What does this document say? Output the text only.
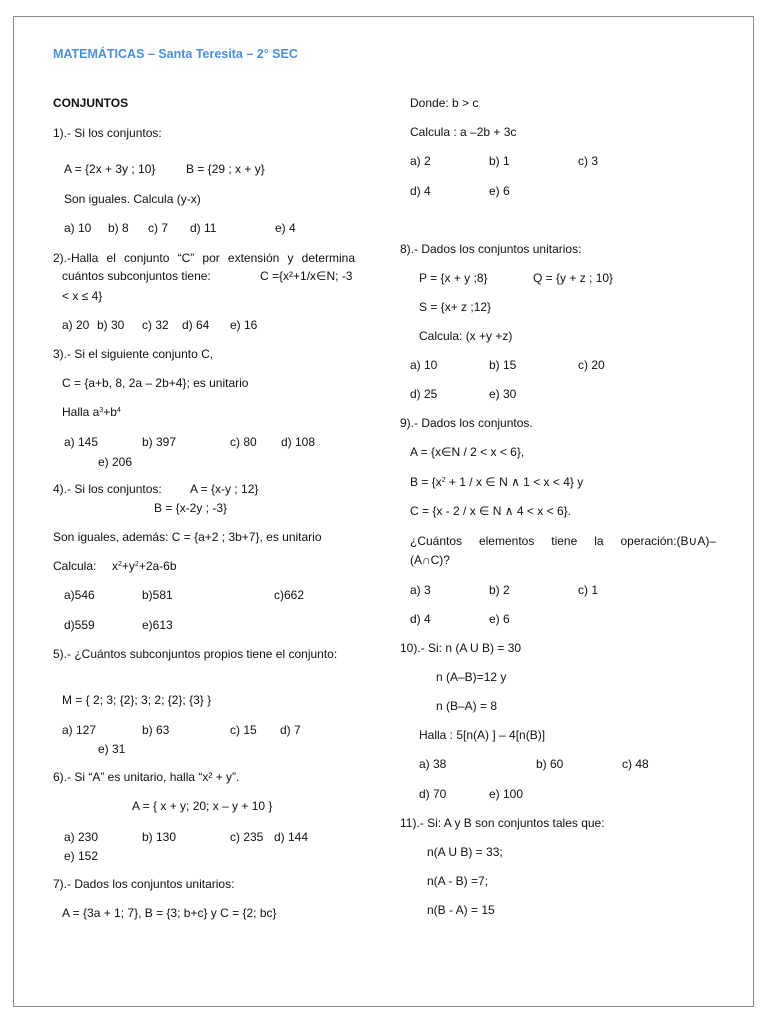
MATEMÁTICAS – Santa Teresita – 2° SEC
CONJUNTOS
1).- Si los conjuntos:
A = {2x + 3y ; 10}	B = {29 ; x + y}
Son iguales. Calcula (y-x)
a) 10 b) 8 c) 7 d) 11	e) 4
2).-Halla el conjunto “C” por extensión y determina
cuántos subconjuntos tiene:	C ={x²+1/x∈N; -3
< x ≤ 4}
a) 20 b) 30 c) 32 d) 64 e) 16
3).- Si el siguiente conjunto C,
C = {a+b, 8, 2a – 2b+4}; es unitario
Halla $a^3+b^4$
a) 145	b) 397	c) 80 d) 108
e) 206
4).- Si los conjuntos: A = {x-y ; 12}
B = {x-2y ; -3}
Son iguales, además: C = {a+2 ; 3b+7}, es unitario
Calcula: $x^2+y^2+2a-6b$
a)546	b)581	c)662
d)559	e)613
5).- ¿Cuántos subconjuntos propios tiene el conjunto:
M = { 2; 3; {2}; 3; 2; {2}; {3} }
a) 127	b) 63	c) 15 d) 7
e) 31
6).- Si “A” es unitario, halla “x² + y”.
A = { x + y; 20; x – y + 10 }
a) 230	b) 130	c) 235 d) 144
e) 152
7).- Dados los conjuntos unitarios:
A = {3a + 1; 7}, B = {3; b+c} y C = {2; bc}
Donde: b > c
Calcula : a –2b + 3c
a) 2	b) 1	c) 3
d) 4	e) 6
8).- Dados los conjuntos unitarios:
P = {x + y ;8}	Q = {y + z ; 10}
S = {x+ z ;12}
Calcula: (x +y +z)
a) 10	b) 15	c) 20
d) 25	e) 30
9).- Dados los conjuntos.
A = {x∈N / 2 < x < 6},
$B = \{x^2 + 1 / x$ ∈ N ∧ 1 < x < 4} y
C = {x - 2 / x ∈ N ∧ 4 < x < 6}.
¿Cuántos elementos tiene la operación:(B∪A)–
(A∩C)?
a) 3	b) 2	c) 1
d) 4	e) 6
10).- Si: n (A U B) = 30
n (A–B)=12 y
n (B–A) = 8
Halla : 5[n(A) ] – 4[n(B)]
a) 38	b) 60	c) 48
d) 70	e) 100
11).- Si: A y B son conjuntos tales que:
n(A U B) = 33;
n(A - B) =7;
n(B - A) = 15
